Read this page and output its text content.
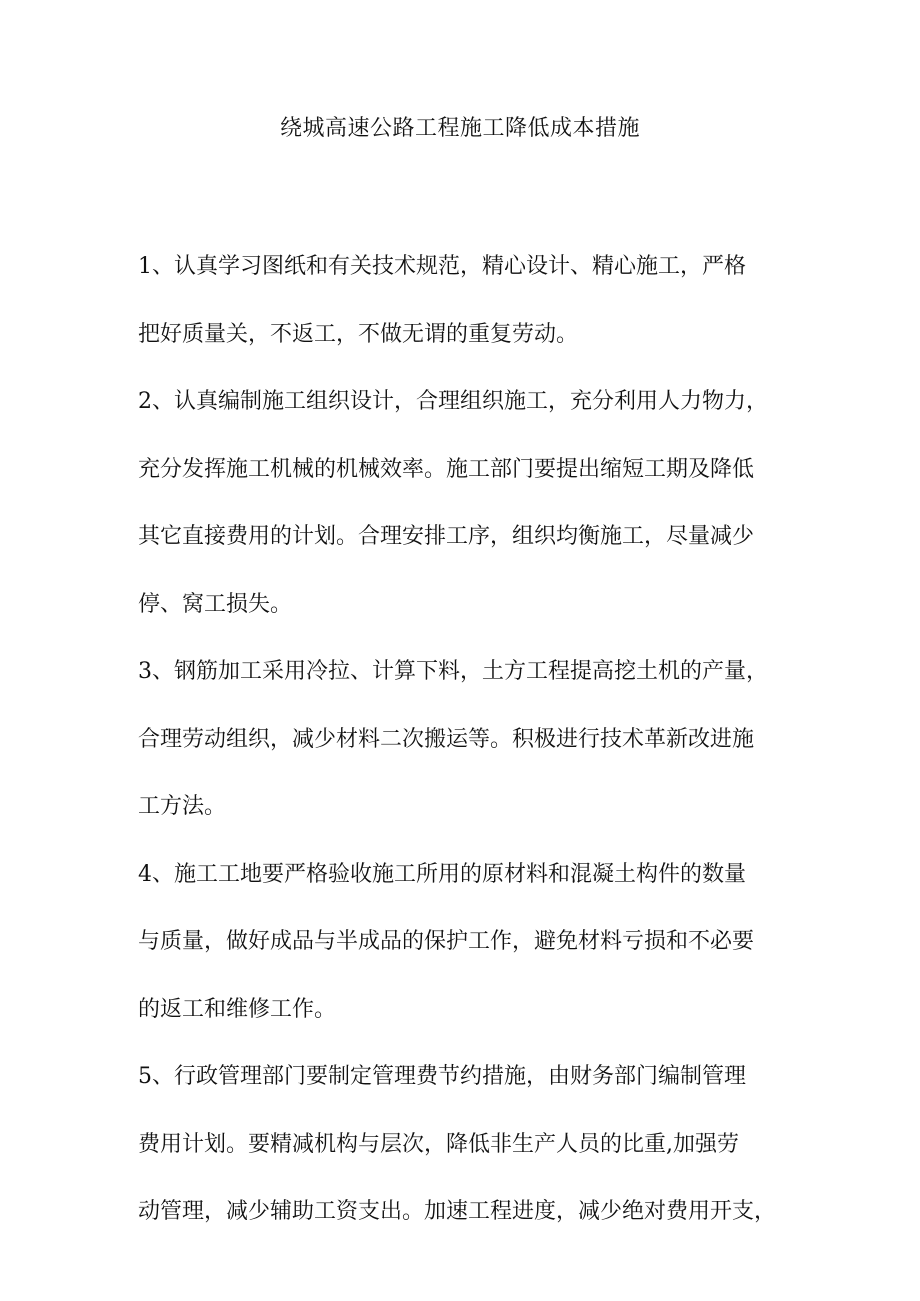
绕城高速公路工程施工降低成本措施
1、认真学习图纸和有关技术规范，精心设计、精心施工，严格
把好质量关，不返工，不做无谓的重复劳动。
2、认真编制施工组织设计，合理组织施工，充分利用人力物力，
充分发挥施工机械的机械效率。施工部门要提出缩短工期及降低
其它直接费用的计划。合理安排工序，组织均衡施工，尽量减少
停、窝工损失。
3、钢筋加工采用冷拉、计算下料，土方工程提高挖土机的产量，
合理劳动组织，减少材料二次搬运等。积极进行技术革新改进施
工方法。
4、施工工地要严格验收施工所用的原材料和混凝土构件的数量
与质量，做好成品与半成品的保护工作，避免材料亏损和不必要
的返工和维修工作。
5、行政管理部门要制定管理费节约措施，由财务部门编制管理
费用计划。要精减机构与层次，降低非生产人员的比重,加强劳
动管理，减少辅助工资支出。加速工程进度，减少绝对费用开支，
